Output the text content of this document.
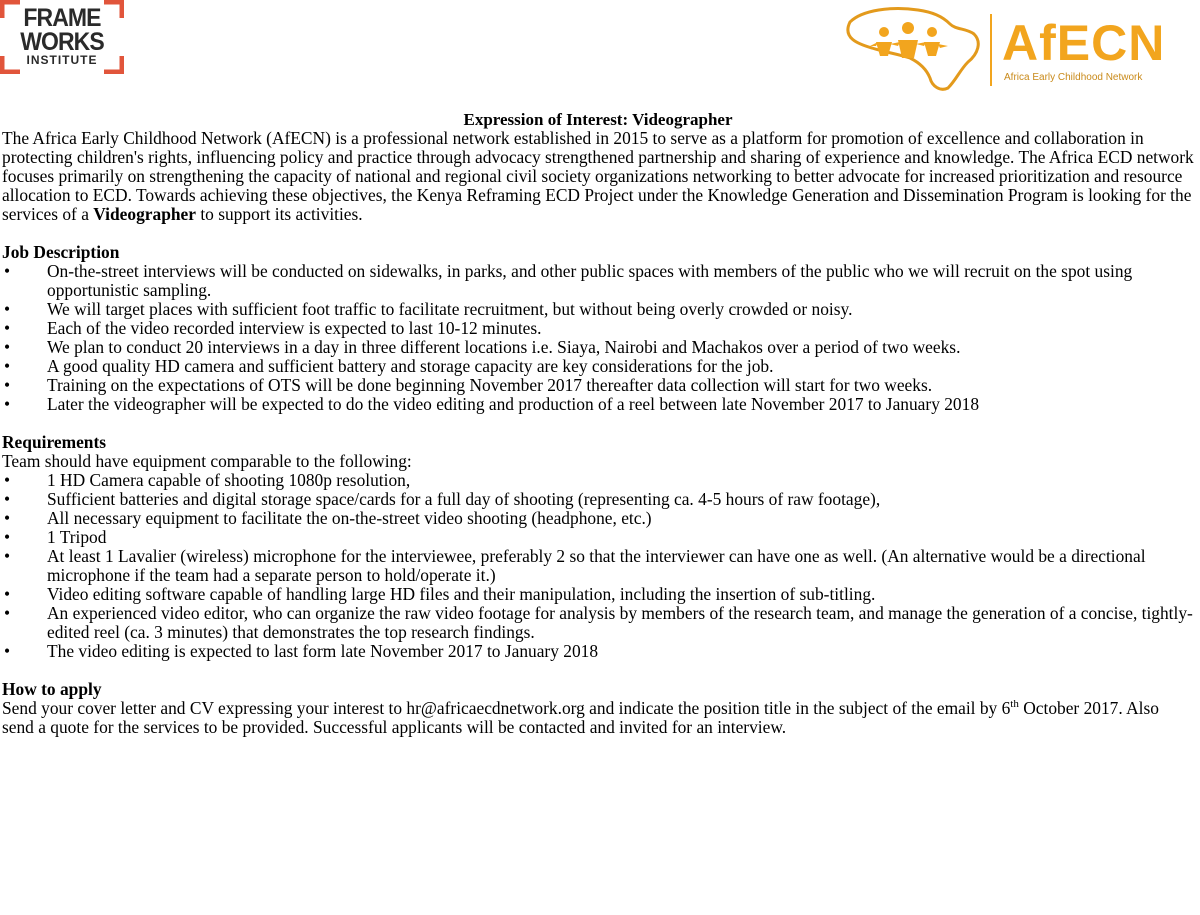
FRAME
WORKS
INSTITUTE	AfECN
Africa Early Childhood Network

Expression of Interest: Videographer

The Africa Early Childhood Network (AfECN) is a professional network established in 2015 to serve as a platform for promotion of excellence and collaboration in protecting children's rights, influencing policy and practice through advocacy strengthened partnership and sharing of experience and knowledge. The Africa ECD network focuses primarily on strengthening the capacity of national and regional civil society organizations networking to better advocate for increased prioritization and resource allocation to ECD. Towards achieving these objectives, the Kenya Reframing ECD Project under the Knowledge Generation and Dissemination Program is looking for the services of a Videographer to support its activities.

Job Description

• On-the-street interviews will be conducted on sidewalks, in parks, and other public spaces with members of the public who we will recruit on the spot using opportunistic sampling.
• We will target places with sufficient foot traffic to facilitate recruitment, but without being overly crowded or noisy.
• Each of the video recorded interview is expected to last 10-12 minutes.
• We plan to conduct 20 interviews in a day in three different locations i.e. Siaya, Nairobi and Machakos over a period of two weeks.
• A good quality HD camera and sufficient battery and storage capacity are key considerations for the job.
• Training on the expectations of OTS will be done beginning November 2017 thereafter data collection will start for two weeks.
• Later the videographer will be expected to do the video editing and production of a reel between late November 2017 to January 2018

Requirements

Team should have equipment comparable to the following:

• 1 HD Camera capable of shooting 1080p resolution,
• Sufficient batteries and digital storage space/cards for a full day of shooting (representing ca. 4-5 hours of raw footage),
• All necessary equipment to facilitate the on-the-street video shooting (headphone, etc.)
• 1 Tripod
• At least 1 Lavalier (wireless) microphone for the interviewee, preferably 2 so that the interviewer can have one as well. (An alternative would be a directional microphone if the team had a separate person to hold/operate it.)
• Video editing software capable of handling large HD files and their manipulation, including the insertion of sub-titling.
• An experienced video editor, who can organize the raw video footage for analysis by members of the research team, and manage the generation of a concise, tightly-edited reel (ca. 3 minutes) that demonstrates the top research findings.
• The video editing is expected to last form late November 2017 to January 2018

How to apply

Send your cover letter and CV expressing your interest to hr@africaecdnetwork.org and indicate the position title in the subject of the email by 6th October 2017. Also send a quote for the services to be provided. Successful applicants will be contacted and invited for an interview.
